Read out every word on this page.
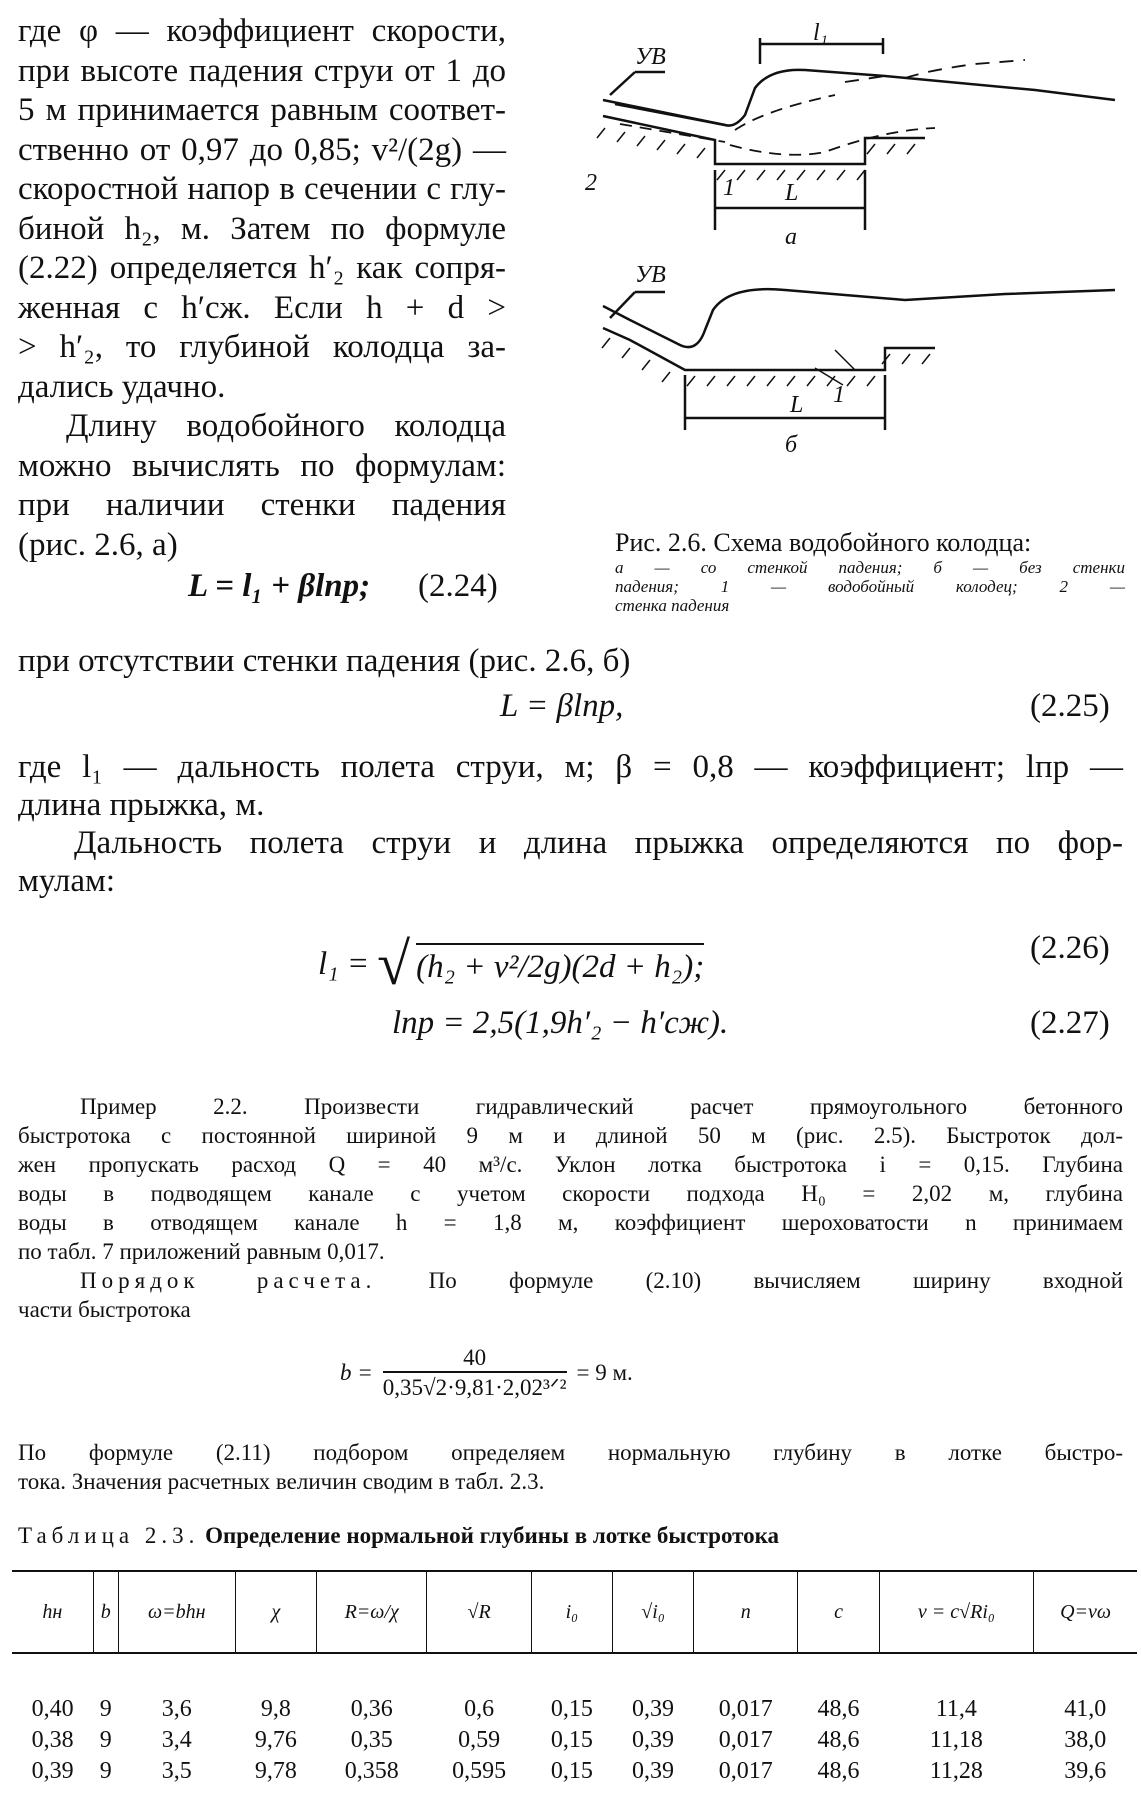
где φ — коэффициент скорости,
при высоте падения струи от 1 до
5 м принимается равным соответ-
ственно от 0,97 до 0,85; v²/(2g) —
скоростной напор в сечении с глу-
биной h₂, м. Затем по формуле
(2.22) определяется h′₂ как сопря-
женная с h′сж. Если h + d >
> h′₂, то глубиной колодца за-
дались удачно.
Длину водобойного колодца
можно вычислять по формулам:
при наличии стенки падения
(рис. 2.6, а)
L = l₁ + βlпр; (2.24)
УВ
l₁
2	1 L
а
УВ
L 1
б
Рис. 2.6. Схема водобойного колодца:
а — со стенкой падения; б — без стенки
падения; 1 — водобойный колодец; 2 —
стенка падения
при отсутствии стенки падения (рис. 2.6, б)
L = βlпр,	(2.25)
где l₁ — дальность полета струи, м; β = 0,8 — коэффициент; lпр —
длина прыжка, м.
Дальность полета струи и длина прыжка определяются по фор-
мулам:
l₁ = √ (h₂ + v²/2g)(2d + h₂);
(2.26)
lпр = 2,5(1,9h′₂ − h′сж).	(2.27)
Пример 2.2. Произвести гидравлический расчет прямоугольного бетонного
быстротока с постоянной шириной 9 м и длиной 50 м (рис. 2.5). Быстроток дол-
жен пропускать расход Q = 40 м³/с. Уклон лотка быстротока i = 0,15. Глубина
воды в подводящем канале с учетом скорости подхода H₀ = 2,02 м, глубина
воды в отводящем канале h = 1,8 м, коэффициент шероховатости n принимаем
по табл. 7 приложений равным 0,017.
Порядок расчета. По формуле (2.10) вычисляем ширину входной
части быстротока
b =
40
0,35√2·9,81·2,02³ᐟ²
= 9 м.
По формуле (2.11) подбором определяем нормальную глубину в лотке быстро-
тока. Значения расчетных величин сводим в табл. 2.3.
Таблица 2.3. Определение нормальной глубины в лотке быстротока
hн	b	ω=bhн	χ	R=ω/χ	√R	i₀	√i₀	n	c	v = c√Ri₀	Q=vω

0,40	9	3,6	9,8	0,36	0,6	0,15	0,39	0,017	48,6	11,4	41,0
0,38	9	3,4	9,76	0,35	0,59	0,15	0,39	0,017	48,6	11,18	38,0
0,39	9	3,5	9,78	0,358	0,595	0,15	0,39	0,017	48,6	11,28	39,6
